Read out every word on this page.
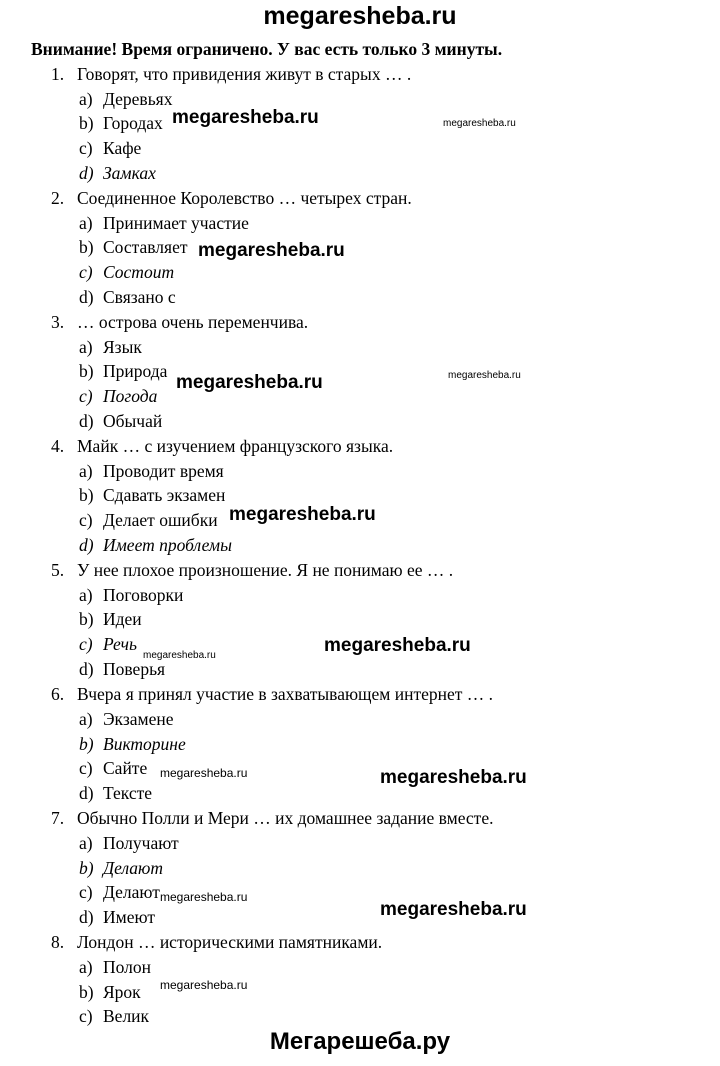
megaresheba.ru
Внимание! Время ограничено. У вас есть только 3 минуты.
1. Говорят, что привидения живут в старых … .
a) Деревьях
b) Городах
c) Кафе
d) Замках
2. Соединенное Королевство … четырех стран.
a) Принимает участие
b) Составляет
c) Состоит
d) Связано с
3. … острова очень переменчива.
a) Язык
b) Природа
c) Погода
d) Обычай
4. Майк … с изучением французского языка.
a) Проводит время
b) Сдавать экзамен
c) Делает ошибки
d) Имеет проблемы
5. У нее плохое произношение. Я не понимаю ее … .
a) Поговорки
b) Идеи
c) Речь
d) Поверья
6. Вчера я принял участие в захватывающем интернет … .
a) Экзамене
b) Викторине
c) Сайте
d) Тексте
7. Обычно Полли и Мери … их домашнее задание вместе.
a) Получают
b) Делают
c) Делают
d) Имеют
8. Лондон … историческими памятниками.
a) Полон
b) Ярок
c) Велик
megaresheba.ru	megaresheba.ru
megaresheba.ru
megaresheba.ru	megaresheba.ru
megaresheba.ru
megaresheba.ru
megaresheba.ru
megaresheba.ru	megaresheba.ru
megaresheba.ru
megaresheba.ru
megaresheba.ru
Мегарешеба.ру
